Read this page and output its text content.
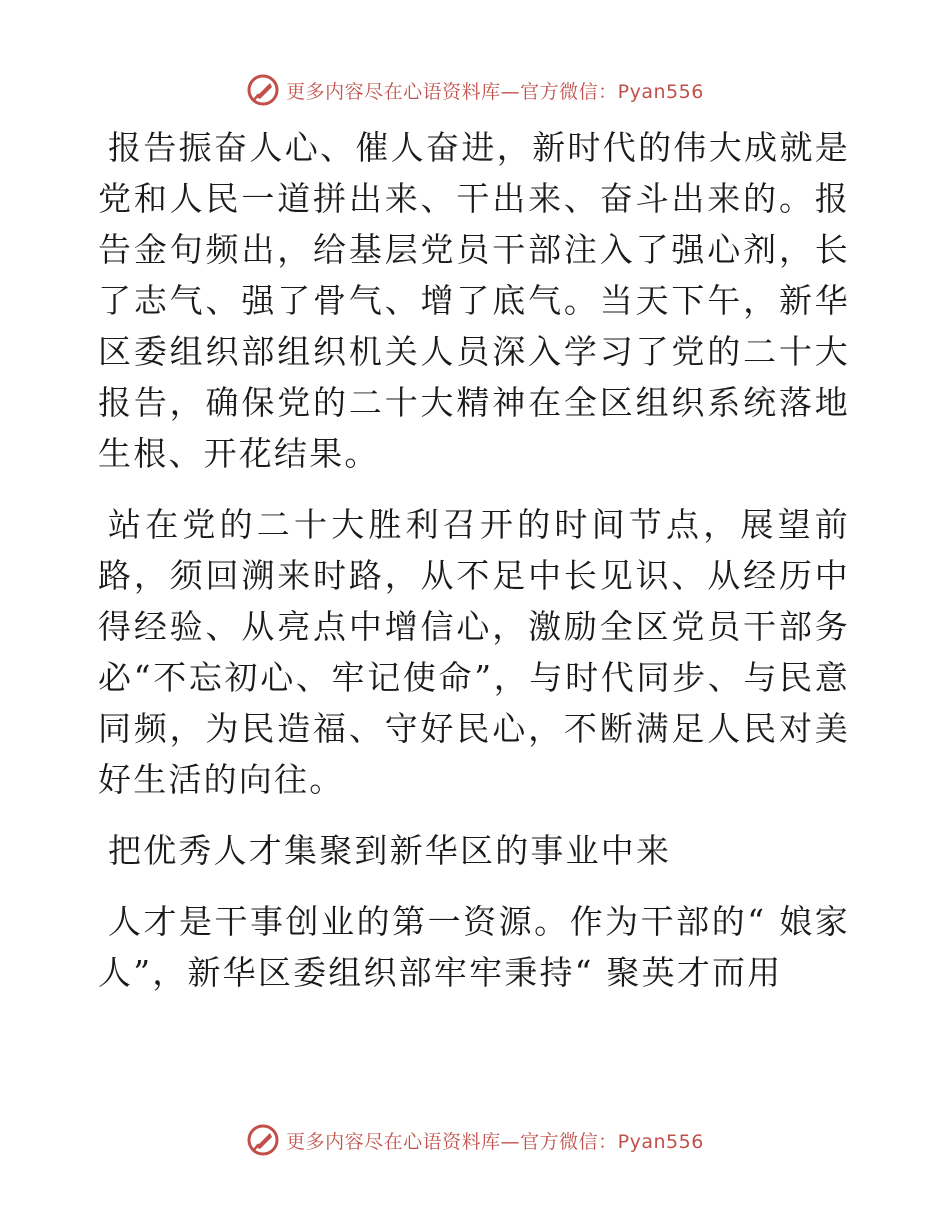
更多内容尽在心语资料库—官方微信：Pyan556

报告振奋人心、催人奋进，新时代的伟大成就是党和人民一道拼出来、干出来、奋斗出来的。报告金句频出，给基层党员干部注入了强心剂，长了志气、强了骨气、增了底气。当天下午，新华区委组织部组织机关人员深入学习了党的二十大报告，确保党的二十大精神在全区组织系统落地生根、开花结果。

站在党的二十大胜利召开的时间节点，展望前路，须回溯来时路，从不足中长见识、从经历中得经验、从亮点中增信心，激励全区党员干部务必“不忘初心、牢记使命”，与时代同步、与民意同频，为民造福、守好民心，不断满足人民对美好生活的向往。

把优秀人才集聚到新华区的事业中来

人才是干事创业的第一资源。作为干部的“ 娘家人”，新华区委组织部牢牢秉持“ 聚英才而用

更多内容尽在心语资料库—官方微信：Pyan556
